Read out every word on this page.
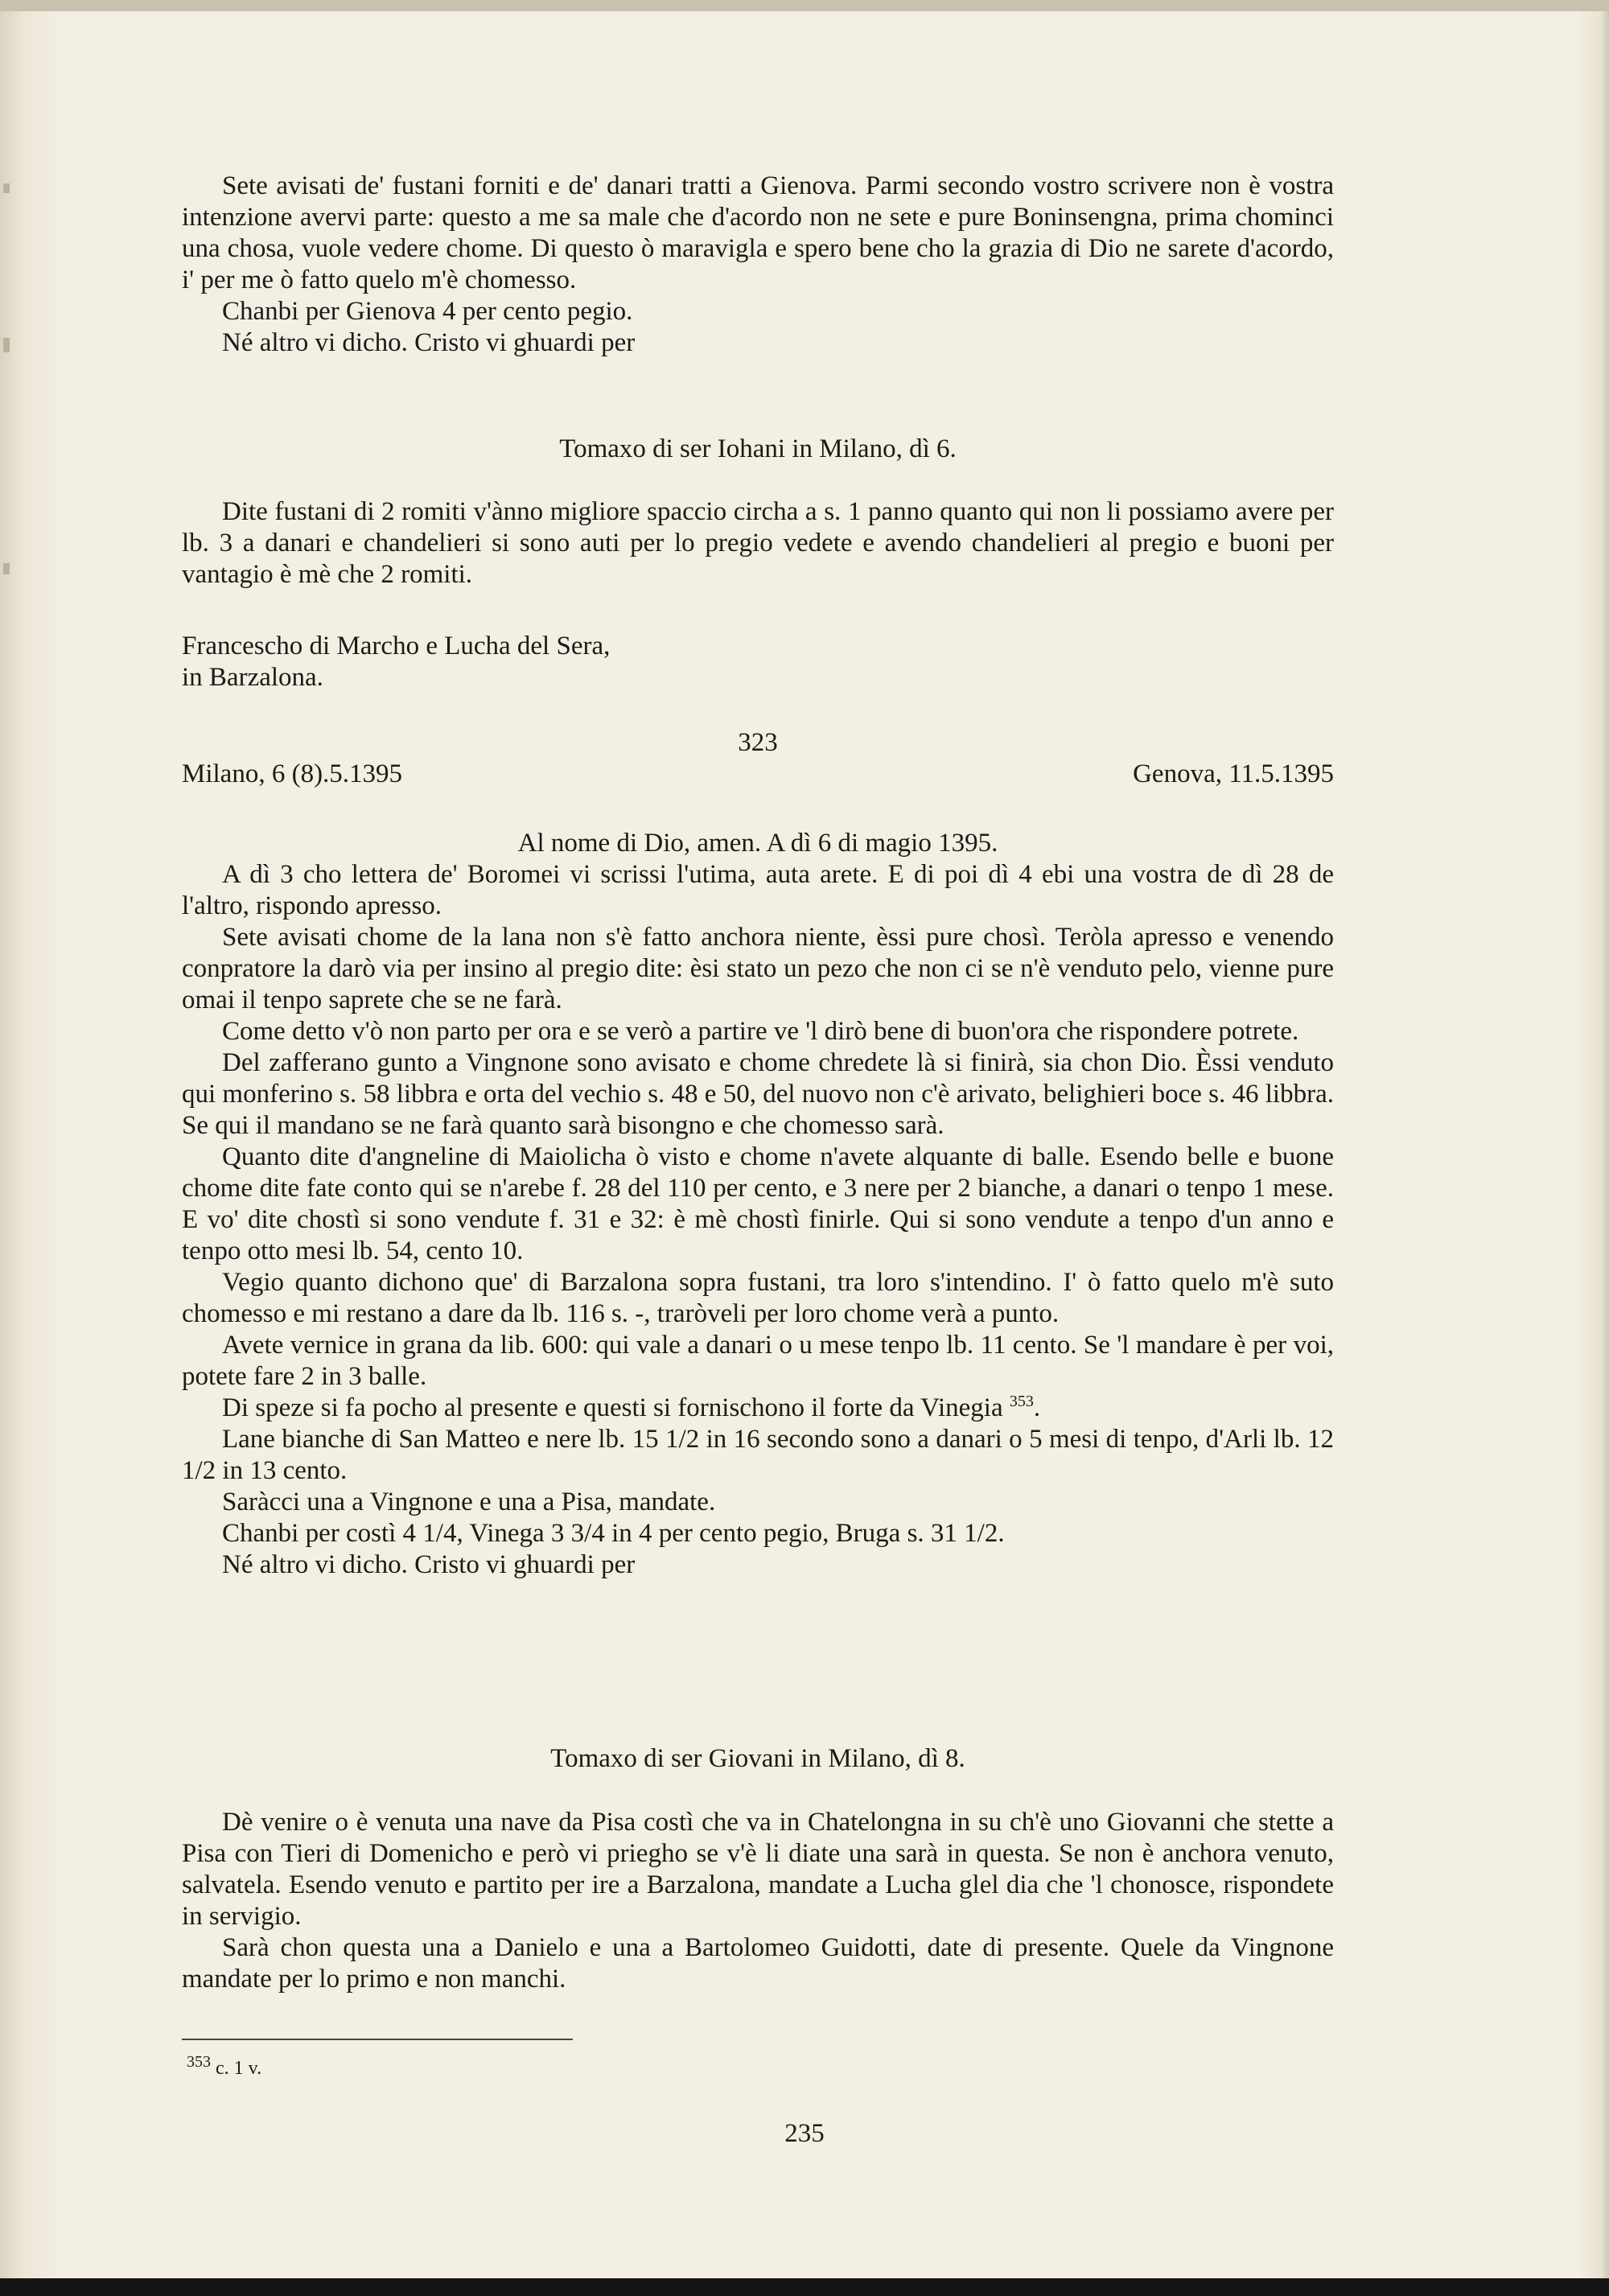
Sete avisati de' fustani forniti e de' danari tratti a Gienova. Parmi secondo vostro scrivere non è vostra intenzione avervi parte: questo a me sa male che d'acordo non ne sete e pure Boninsengna, prima chominci una chosa, vuole vedere chome. Di questo ò maravigla e spero bene cho la grazia di Dio ne sarete d'acordo, i' per me ò fatto quelo m'è chomesso.

Chanbi per Gienova 4 per cento pegio.

Né altro vi dicho. Cristo vi ghuardi per

Tomaxo di ser Iohani in Milano, dì 6.

Dite fustani di 2 romiti v'ànno migliore spaccio circha a s. 1 panno quanto qui non li possiamo avere per lb. 3 a danari e chandelieri si sono auti per lo pregio vedete e avendo chandelieri al pregio e buoni per vantagio è mè che 2 romiti.

Francescho di Marcho e Lucha del Sera,

in Barzalona.

323

Milano, 6 (8).5.1395	Genova, 11.5.1395

Al nome di Dio, amen. A dì 6 di magio 1395.

A dì 3 cho lettera de' Boromei vi scrissi l'utima, auta arete. E di poi dì 4 ebi una vostra de dì 28 de l'altro, rispondo apresso.

Sete avisati chome de la lana non s'è fatto anchora niente, èssi pure chosì. Teròla apresso e venendo conpratore la darò via per insino al pregio dite: èsi stato un pezo che non ci se n'è venduto pelo, vienne pure omai il tenpo saprete che se ne farà.

Come detto v'ò non parto per ora e se verò a partire ve 'l dirò bene di buon'ora che rispondere potrete.

Del zafferano gunto a Vingnone sono avisato e chome chredete là si finirà, sia chon Dio. Èssi venduto qui monferino s. 58 libbra e orta del vechio s. 48 e 50, del nuovo non c'è arivato, belighieri boce s. 46 libbra. Se qui il mandano se ne farà quanto sarà bisongno e che chomesso sarà.

Quanto dite d'angneline di Maiolicha ò visto e chome n'avete alquante di balle. Esendo belle e buone chome dite fate conto qui se n'arebe f. 28 del 110 per cento, e 3 nere per 2 bianche, a danari o tenpo 1 mese. E vo' dite chostì si sono vendute f. 31 e 32: è mè chostì finirle. Qui si sono vendute a tenpo d'un anno e tenpo otto mesi lb. 54, cento 10.

Vegio quanto dichono que' di Barzalona sopra fustani, tra loro s'intendino. I' ò fatto quelo m'è suto chomesso e mi restano a dare da lb. 116 s. -, traròveli per loro chome verà a punto.

Avete vernice in grana da lib. 600: qui vale a danari o u mese tenpo lb. 11 cento. Se 'l mandare è per voi, potete fare 2 in 3 balle.

Di speze si fa pocho al presente e questi si fornischono il forte da Vinegia $^{353}$.

Lane bianche di San Matteo e nere lb. 15 1/2 in 16 secondo sono a danari o 5 mesi di tenpo, d'Arli lb. 12 1/2 in 13 cento.

Saràcci una a Vingnone e una a Pisa, mandate.

Chanbi per costì 4 1/4, Vinega 3 3/4 in 4 per cento pegio, Bruga s. 31 1/2.

Né altro vi dicho. Cristo vi ghuardi per

Tomaxo di ser Giovani in Milano, dì 8.

Dè venire o è venuta una nave da Pisa costì che va in Chatelongna in su ch'è uno Giovanni che stette a Pisa con Tieri di Domenicho e però vi priegho se v'è li diate una sarà in questa. Se non è anchora venuto, salvatela. Esendo venuto e partito per ire a Barzalona, mandate a Lucha glel dia che 'l chonosce, rispondete in servigio.

Sarà chon questa una a Danielo e una a Bartolomeo Guidotti, date di presente. Quele da Vingnone mandate per lo primo e non manchi.

$^{353}$ c. 1 v.
235
